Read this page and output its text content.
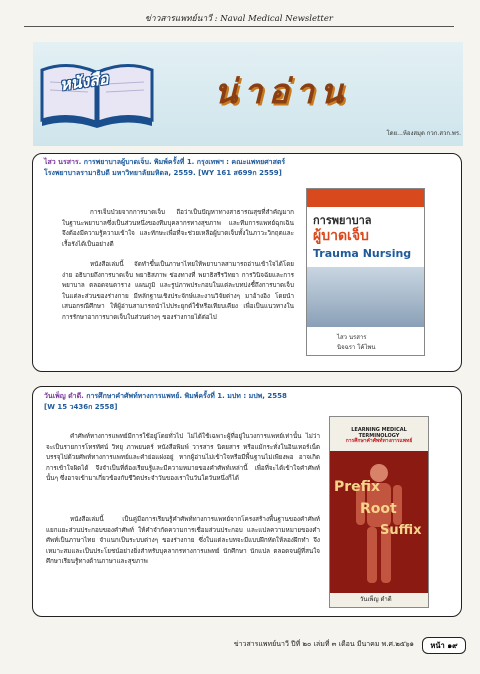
ข่าวสารแพทย์นาวี : Naval Medical Newsletter
หนังสือ	น่าอ่าน
โดย...ห้องสมุด กวก.สวก.พร.
ไสว นรสาร. การพยาบาลผู้บาดเจ็บ. พิมพ์ครั้งที่ 1. กรุงเทพฯ : คณะแพทยศาสตร์
โรงพยาบาลรามาธิบดี มหาวิทยาลัยมหิดล, 2559. [WY 161 ส699ก 2559]
การเจ็บป่วยจากการบาดเจ็บ ถือว่าเป็นปัญหาทางสาธารณสุขที่สำคัญมาก ในฐานะพยาบาลซึ่งเป็นส่วนหนึ่งของทีมบุคลากรทางสุขภาพ และทีมการแพทย์ฉุกเฉิน จึงต้องมีความรู้ความเข้าใจ และทักษะเพื่อที่จะช่วยเหลือผู้บาดเจ็บทั้งในภาวะวิกฤตและเรื้อรังได้เป็นอย่างดี
หนังสือเล่มนี้ จัดทำขึ้นเป็นภาษาไทยให้พยาบาลสามารถอ่านเข้าใจได้โดยง่าย อธิบายถึงการบาดเจ็บ พยาธิสภาพ ช่องทางที่ พยาธิสรีรวิทยา การวินิจฉัยและการพยาบาล ตลอดจนตาราง แผนภูมิ และรูปภาพประกอบในแต่ละบทบ่งชี้ถึงการบาดเจ็บในแต่ละส่วนของร่างกาย มีหลักฐานเชิงประจักษ์และงานวิจัยต่างๆ มาอ้างอิง โดยนำเสนอกรณีศึกษา ให้ผู้อ่านสามารถนำไปประยุกต์ใช้หรือเทียบเคียง เพื่อเป็นแนวทางในการรักษาอาการบาดเจ็บในส่วนต่างๆ ของร่างกายได้ต่อไป
การพยาบาล
ผู้บาดเจ็บ
Trauma Nursing
ไสว นรสาร
นิจฉรา โค้ไพน
วันเพ็ญ ดำดี. การศึกษาคำศัพท์ทางการแพทย์. พิมพ์ครั้งที่ 1. มปท : มปพ, 2558
[W 15 ว436ก 2558]
คำศัพท์ทางการแพทย์มีการใช้อยู่โดยทั่วไป ไม่ได้ใช้เฉพาะผู้ที่อยู่ในวงการแพทย์เท่านั้น ไม่ว่าจะเป็นรายการโทรทัศน์ วิทยุ ภาพยนตร์ หนังสือพิมพ์ วารสาร นิตยสาร หรือแม้กระทั่งในอินเทอร์เน็ต บรรจุไปด้วยศัพท์ทางการแพทย์และคำย่อแฝงอยู่ หากผู้อ่านไม่เข้าใจหรือมีพื้นฐานไม่เพียงพอ อาจเกิดการเข้าใจผิดได้ จึงจำเป็นที่ต้องเรียนรู้และมีความหมายของคำศัพท์เหล่านี้ เพื่อที่จะได้เข้าใจคำศัพท์นั้นๆ ซึ่งอาจเข้ามาเกี่ยวข้องกับชีวิตประจำวันของเราในวันใดวันหนึ่งก็ได้
หนังสือเล่มนี้ เป็นคู่มือการเรียนรู้คำศัพท์ทางการแพทย์จากโครงสร้างพื้นฐานของคำศัพท์ แยกแยะส่วนประกอบของคำศัพท์ ให้คำจำกัดความการเชื่อมส่วนประกอบ และแปลความหมายของคำศัพท์เป็นภาษาไทย จำแนกเป็นระบบต่างๆ ของร่างกาย ซึ่งในแต่ละบทจะมีแบบฝึกหัดให้ลองฝึกทำ จึงเหมาะสมและเป็นประโยชน์อย่างยิ่งสำหรับบุคลากรทางการแพทย์ นักศึกษา นักแปล ตลอดจนผู้ที่สนใจศึกษาเรียนรู้ทางด้านภาษาและสุขภาพ
LEARNING MEDICAL TERMINOLOGY
การศึกษาคำศัพท์ทางการแพทย์
Prefix
Root
Suffix
วันเพ็ญ ดำดี
ข่าวสารแพทย์นาวี ปีที่ ๒๐ เล่มที่ ๓ เดือน มีนาคม พ.ศ.๒๕๖๑	หน้า ๑๙
